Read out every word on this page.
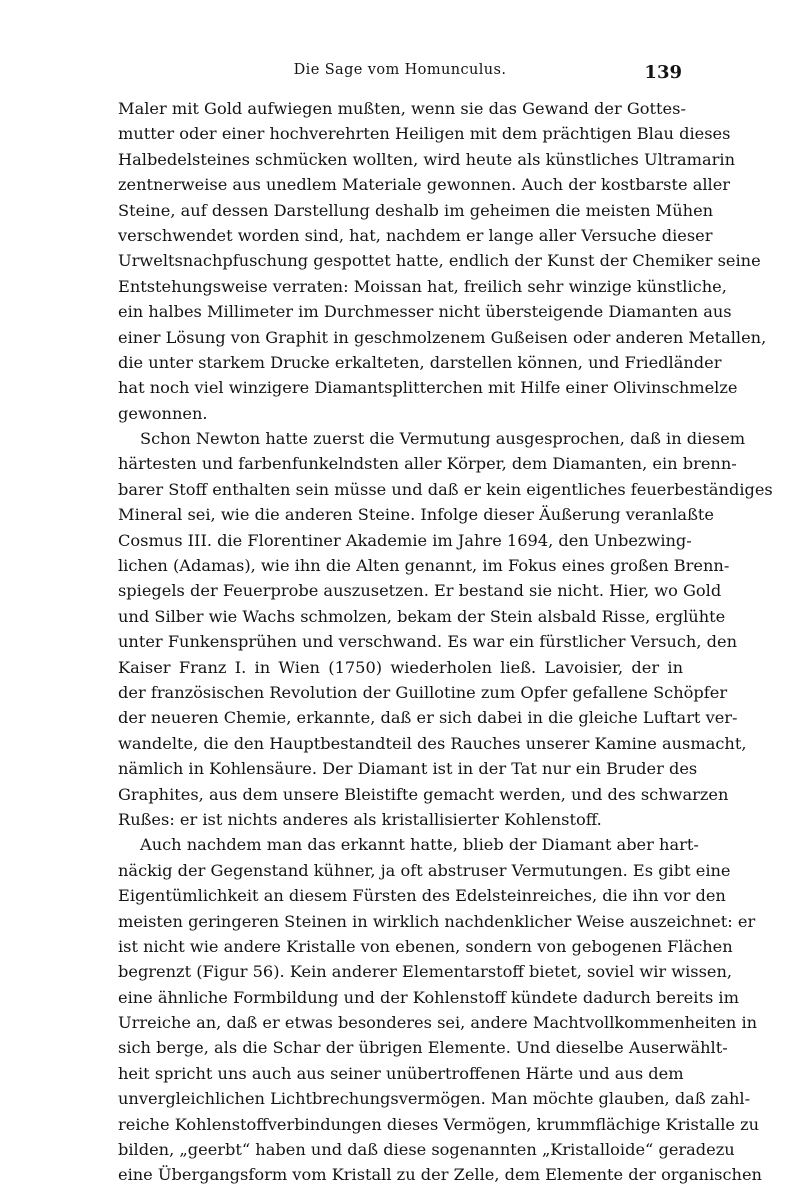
Die Sage vom Homunculus.	139
Maler mit Gold aufwiegen mußten, wenn sie das Gewand der Gottes-
mutter oder einer hochverehrten Heiligen mit dem prächtigen Blau dieses
Halbedelsteines schmücken wollten, wird heute als künstliches Ultramarin
zentnerweise aus unedlem Materiale gewonnen. Auch der kostbarste aller
Steine, auf dessen Darstellung deshalb im geheimen die meisten Mühen
verschwendet worden sind, hat, nachdem er lange aller Versuche dieser
Urweltsnachpfuschung gespottet hatte, endlich der Kunst der Chemiker seine
Entstehungsweise verraten: Moissan hat, freilich sehr winzige künstliche,
ein halbes Millimeter im Durchmesser nicht übersteigende Diamanten aus
einer Lösung von Graphit in geschmolzenem Gußeisen oder anderen Metallen,
die unter starkem Drucke erkalteten, darstellen können, und Friedländer
hat noch viel winzigere Diamantsplitterchen mit Hilfe einer Olivinschmelze
gewonnen.
Schon Newton hatte zuerst die Vermutung ausgesprochen, daß in diesem
härtesten und farbenfunkelndsten aller Körper, dem Diamanten, ein brenn-
barer Stoff enthalten sein müsse und daß er kein eigentliches feuerbeständiges
Mineral sei, wie die anderen Steine. Infolge dieser Äußerung veranlaßte
Cosmus III. die Florentiner Akademie im Jahre 1694, den Unbezwing-
lichen (Adamas), wie ihn die Alten genannt, im Fokus eines großen Brenn-
spiegels der Feuerprobe auszusetzen. Er bestand sie nicht. Hier, wo Gold
und Silber wie Wachs schmolzen, bekam der Stein alsbald Risse, erglühte
unter Funkensprühen und verschwand. Es war ein fürstlicher Versuch, den
Kaiser Franz I. in Wien (1750) wiederholen ließ. Lavoisier, der in
der französischen Revolution der Guillotine zum Opfer gefallene Schöpfer
der neueren Chemie, erkannte, daß er sich dabei in die gleiche Luftart ver-
wandelte, die den Hauptbestandteil des Rauches unserer Kamine ausmacht,
nämlich in Kohlensäure. Der Diamant ist in der Tat nur ein Bruder des
Graphites, aus dem unsere Bleistifte gemacht werden, und des schwarzen
Rußes: er ist nichts anderes als kristallisierter Kohlenstoff.
Auch nachdem man das erkannt hatte, blieb der Diamant aber hart-
näckig der Gegenstand kühner, ja oft abstruser Vermutungen. Es gibt eine
Eigentümlichkeit an diesem Fürsten des Edelsteinreiches, die ihn vor den
meisten geringeren Steinen in wirklich nachdenklicher Weise auszeichnet: er
ist nicht wie andere Kristalle von ebenen, sondern von gebogenen Flächen
begrenzt (Figur 56). Kein anderer Elementarstoff bietet, soviel wir wissen,
eine ähnliche Formbildung und der Kohlenstoff kündete dadurch bereits im
Urreiche an, daß er etwas besonderes sei, andere Machtvollkommenheiten in
sich berge, als die Schar der übrigen Elemente. Und dieselbe Auserwählt-
heit spricht uns auch aus seiner unübertroffenen Härte und aus dem
unvergleichlichen Lichtbrechungsvermögen. Man möchte glauben, daß zahl-
reiche Kohlenstoffverbindungen dieses Vermögen, krummflächige Kristalle zu
bilden, „geerbt“ haben und daß diese sogenannten „Kristalloide“ geradezu
eine Übergangsform vom Kristall zu der Zelle, dem Elemente der organischen
